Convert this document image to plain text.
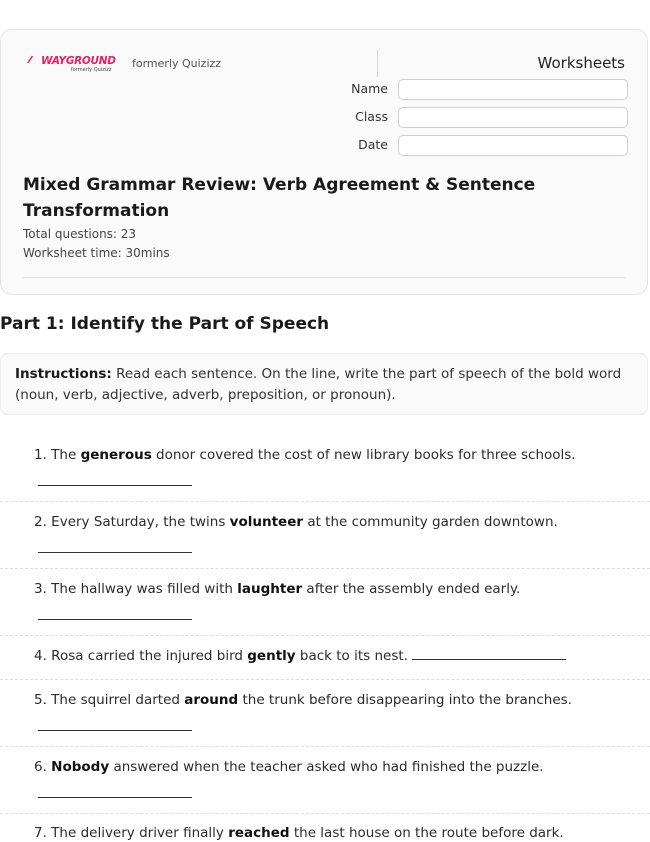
⁄⁄ WAYGROUND
formerly Quizizz formerly Quizizz	Worksheets
Name
Class
Date
Mixed Grammar Review: Verb Agreement & Sentence Transformation
Total questions: 23
Worksheet time: 30mins
Part 1: Identify the Part of Speech
Instructions: Read each sentence. On the line, write the part of speech of the bold word (noun, verb, adjective, adverb, preposition, or pronoun).
1. The generous donor covered the cost of new library books for three schools.
2. Every Saturday, the twins volunteer at the community garden downtown.
3. The hallway was filled with laughter after the assembly ended early.
4. Rosa carried the injured bird gently back to its nest.
5. The squirrel darted around the trunk before disappearing into the branches.
6. Nobody answered when the teacher asked who had finished the puzzle.
7. The delivery driver finally reached the last house on the route before dark.
